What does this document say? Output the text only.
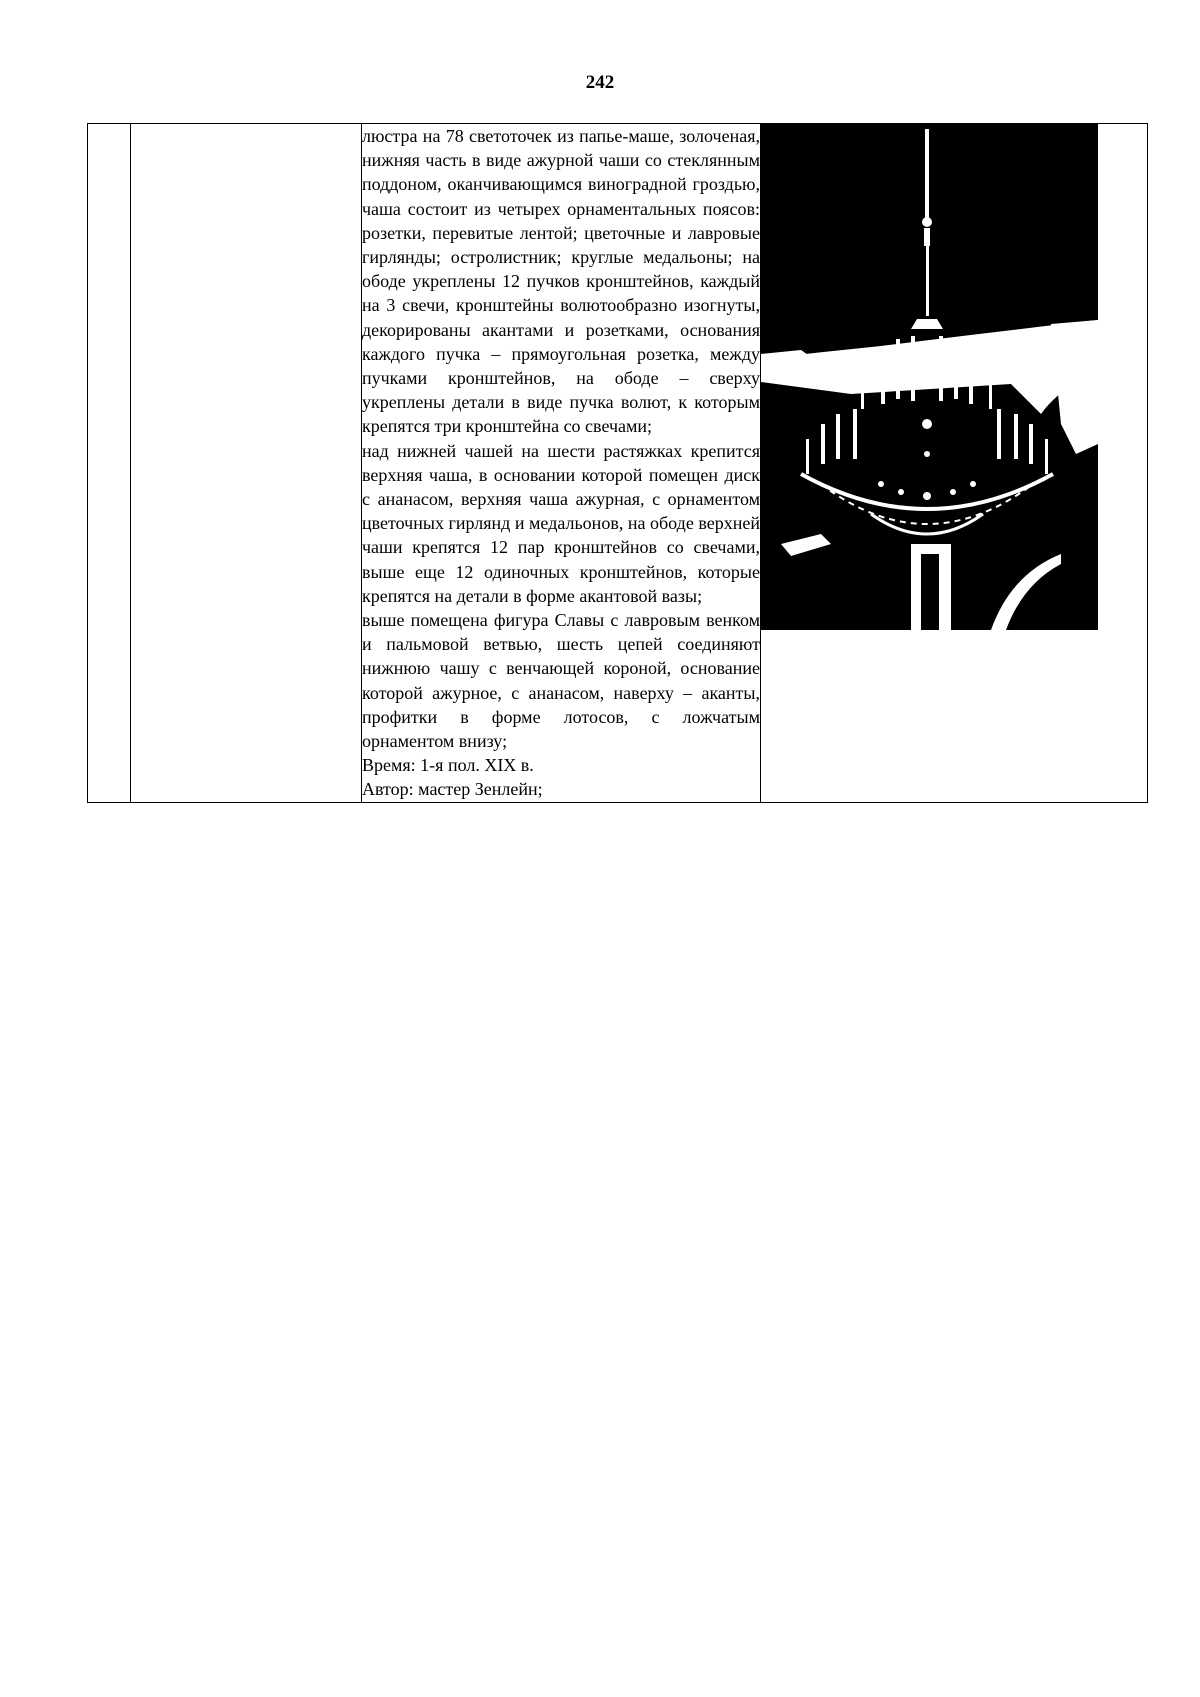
242

люстра на 78 светоточек из папье-маше, золоченая, нижняя часть в виде ажурной чаши со стеклянным поддоном, оканчивающимся виноградной гроздью, чаша состоит из четырех орнаментальных поясов: розетки, перевитые лентой; цветочные и лавровые гирлянды; остролистник; круглые медальоны; на ободе укреплены 12 пучков кронштейнов, каждый на 3 свечи, кронштейны волютообразно изогнуты, декорированы акантами и розетками, основания каждого пучка – прямоугольная розетка, между пучками кронштейнов, на ободе – сверху укреплены детали в виде пучка волют, к которым крепятся три кронштейна со свечами;

над нижней чашей на шести растяжках крепится верхняя чаша, в основании которой помещен диск с ананасом, верхняя чаша ажурная, с орнаментом цветочных гирлянд и медальонов, на ободе верхней чаши крепятся 12 пар кронштейнов со свечами, выше еще 12 одиночных кронштейнов, которые крепятся на детали в форме акантовой вазы;

выше помещена фигура Славы с лавровым венком и пальмовой ветвью, шесть цепей соединяют нижнюю чашу с венчающей короной, основание которой ажурное, с ананасом, наверху – аканты, профитки в форме лотосов, с ложчатым орнаментом внизу;

Время: 1-я пол. XIX в.

Автор: мастер Зенлейн;
